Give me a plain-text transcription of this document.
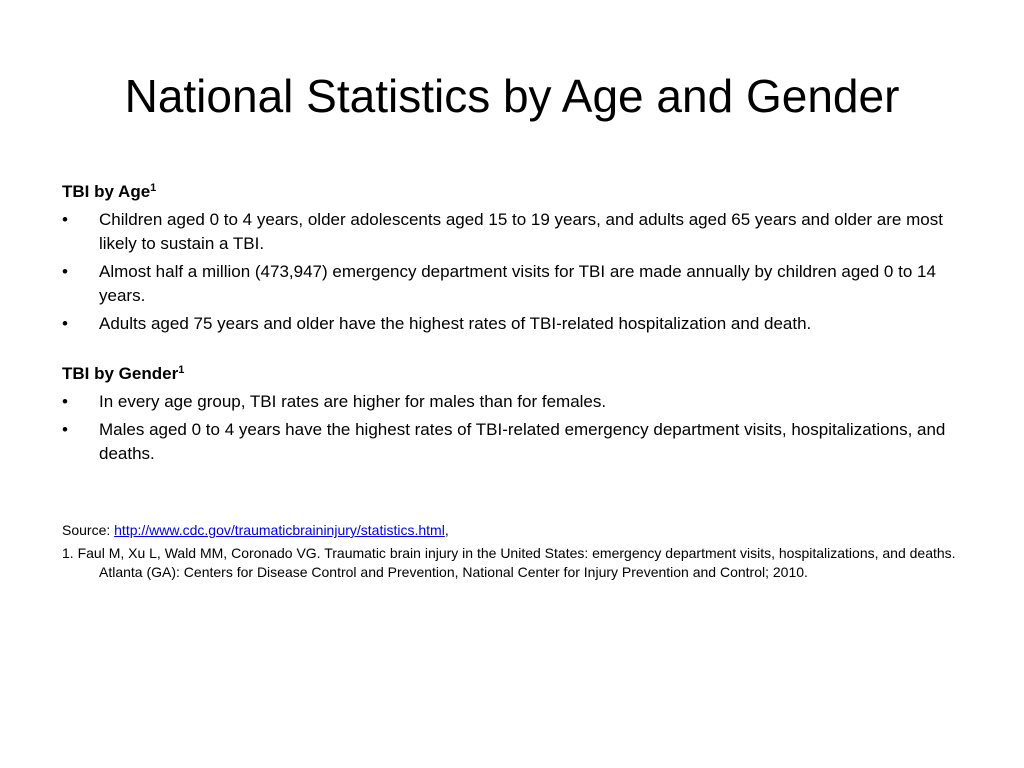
National Statistics by Age and Gender

TBI by Age$^1$

•	Children aged 0 to 4 years, older adolescents aged 15 to 19 years, and adults aged 65 years and older are most likely to sustain a TBI.
•	Almost half a million (473,947) emergency department visits for TBI are made annually by children aged 0 to 14 years.
•	Adults aged 75 years and older have the highest rates of TBI-related hospitalization and death.

TBI by Gender$^1$

•	In every age group, TBI rates are higher for males than for females.
•	Males aged 0 to 4 years have the highest rates of TBI-related emergency department visits, hospitalizations, and deaths.

Source: http://www.cdc.gov/traumaticbraininjury/statistics.html,

1. Faul M, Xu L, Wald MM, Coronado VG. Traumatic brain injury in the United States: emergency department visits, hospitalizations, and deaths. Atlanta (GA): Centers for Disease Control and Prevention, National Center for Injury Prevention and Control; 2010.
